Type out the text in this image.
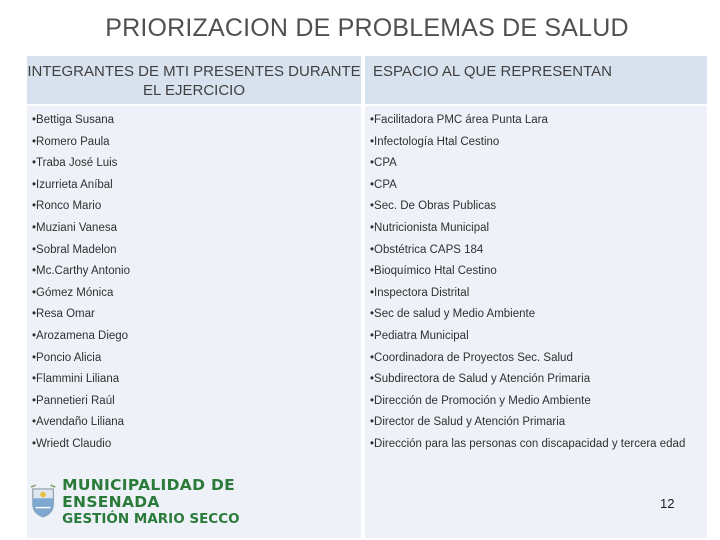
PRIORIZACION DE PROBLEMAS DE SALUD
INTEGRANTES DE MTI PRESENTES DURANTE EL EJERCICIO
ESPACIO AL QUE REPRESENTAN
•Bettiga Susana
•Romero Paula
•Traba José Luis
•Izurrieta Aníbal
•Ronco Mario
•Muziani Vanesa
•Sobral Madelon
•Mc.Carthy Antonio
•Gómez Mónica
•Resa Omar
•Arozamena Diego
•Poncio Alicia
•Flammini Liliana
•Pannetieri Raúl
•Avendaño Liliana
•Wriedt Claudio
•Facilitadora PMC área Punta Lara
•Infectología Htal Cestino
•CPA
•CPA
•Sec. De Obras Publicas
•Nutricionista Municipal
•Obstétrica CAPS 184
•Bioquímico Htal Cestino
•Inspectora Distrital
•Sec de salud y Medio Ambiente
•Pediatra Municipal
•Coordinadora de Proyectos Sec. Salud
•Subdirectora de Salud y Atención Primaria
•Dirección de Promoción y Medio Ambiente
•Director de Salud y Atención Primaria
•Dirección para las personas con discapacidad y tercera edad
MUNICIPALIDAD DE ENSENADA
GESTIÓN MARIO SECCO
12
